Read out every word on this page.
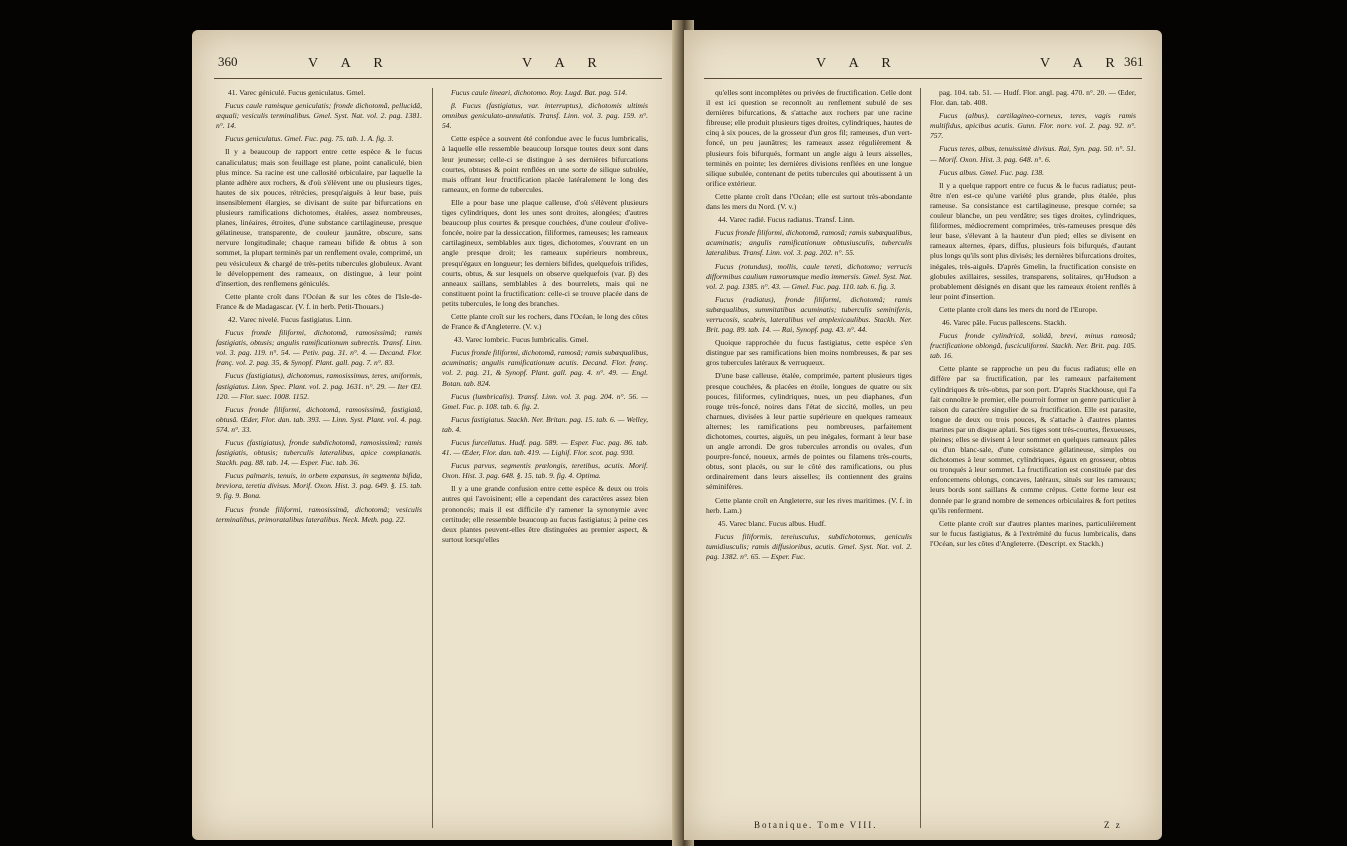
360	V A R	V A R

41. Varec géniculé. Fucus geniculatus. Gmel.

Fucus caule ramisque geniculatis; fronde dichotomâ, pellucidâ, æquali; vesiculis terminalibus. Gmel. Syst. Nat. vol. 2. pag. 1381. n°. 14.

Fucus geniculatus. Gmel. Fuc. pag. 75. tab. 1. A. fig. 3.

Il y a beaucoup de rapport entre cette espèce & le fucus canaliculatus; mais son feuillage est plane, point canaliculé, bien plus mince. Sa racine est une callosité orbiculaire, par laquelle la plante adhère aux rochers, & d'où s'élèvent une ou plusieurs tiges, hautes de six pouces, rétrécies, presqu'aiguës à leur base, puis insensiblement élargies, se divisant de suite par bifurcations en plusieurs ramifications dichotomes, étalées, assez nombreuses, planes, linéaires, étroites, d'une substance cartilagineuse, presque gélatineuse, transparente, de couleur jaunâtre, obscure, sans nervure longitudinale; chaque rameau bifide & obtus à son sommet, la plupart terminés par un renflement ovale, comprimé, un peu vésiculeux & chargé de très-petits tubercules globuleux. Avant le développement des rameaux, on distingue, à leur point d'insertion, des renflemens géniculés.

Cette plante croît dans l'Océan & sur les côtes de l'Isle-de-France & de Madagascar. (V. f. in herb. Petit-Thouars.)

42. Varec nivelé. Fucus fastigiatus. Linn.

Fucus fronde filiformi, dichotomâ, ramosissimâ; ramis fastigiatis, obtusis; angulis ramificationum subrectis. Transf. Linn. vol. 3. pag. 119. n°. 54. — Petiv. pag. 31. n°. 4. — Decand. Flor. franç. vol. 2. pag. 35, & Synopf. Plant. gall. pag. 7. n°. 83.

Fucus (fastigiatus), dichotomus, ramosissimus, teres, uniformis, fastigiatus. Linn. Spec. Plant. vol. 2. pag. 1631. n°. 29. — Iter Œl. 120. — Flor. suec. 1008. 1152.

Fucus fronde filiformi, dichotomâ, ramosissimâ, fastigiatâ, obtusâ. Œder, Flor. dan. tab. 393. — Linn. Syst. Plant. vol. 4. pag. 574. n°. 33.

Fucus (fastigiatus), fronde subdichotomâ, ramosissimâ; ramis fastigiatis, obtusis; tuberculis lateralibus, apice complanatis. Stackh. pag. 88. tab. 14. — Esper. Fuc. tab. 36.

Fucus palmaris, tenuis, in orbem expansus, in segmenta bifida, breviora, teretia divisus. Morif. Oxon. Hist. 3. pag. 649. §. 15. tab. 9. fig. 9. Bona.

Fucus fronde filiformi, ramosissimâ, dichotomâ; vesiculis terminalibus, primoratalibus lateralibus. Neck. Meth. pag. 22.

Fucus caule lineari, dichotomo. Roy. Lugd. Bat. pag. 514.

β. Fucus (fastigiatus, var. interruptus), dichotomis ultimis omnibus geniculato-annulatis. Transf. Linn. vol. 3. pag. 159. n°. 54.

Cette espèce a souvent été confondue avec le fucus lumbricalis, à laquelle elle ressemble beaucoup lorsque toutes deux sont dans leur jeunesse; celle-ci se distingue à ses dernières bifurcations courtes, obtuses & point renflées en une sorte de silique subulée, mais offrant leur fructification placée latéralement le long des rameaux, en forme de tubercules.

Elle a pour base une plaque calleuse, d'où s'élèvent plusieurs tiges cylindriques, dont les unes sont droites, alongées; d'autres beaucoup plus courtes & presque couchées, d'une couleur d'olive-foncée, noire par la dessiccation, filiformes, rameuses; les rameaux cartilagineux, semblables aux tiges, dichotomes, s'ouvrant en un angle presque droit; les rameaux supérieurs nombreux, presqu'égaux en longueur; les derniers bifides, quelquefois trifides, courts, obtus, & sur lesquels on observe quelquefois (var. β) des anneaux saillans, semblables à des bourrelets, mais qui ne constituent point la fructification: celle-ci se trouve placée dans de petits tubercules, le long des branches.

Cette plante croît sur les rochers, dans l'Océan, le long des côtes de France & d'Angleterre. (V. v.)

43. Varec lombric. Fucus lumbricalis. Gmel.

Fucus fronde filiformi, dichotomâ, ramosâ; ramis subæqualibus, acuminatis; angulis ramificationum acutis. Decand. Flor. franç. vol. 2. pag. 21, & Synopf. Plant. gall. pag. 4. n°. 49. — Engl. Botan. tab. 824.

Fucus (lumbricalis). Transf. Linn. vol. 3. pag. 204. n°. 56. — Gmel. Fuc. p. 108. tab. 6. fig. 2.

Fucus fastigiatus. Stackh. Ner. Britan. pag. 15. tab. 6. — Welley, tab. 4.

Fucus furcellatus. Hudf. pag. 589. — Esper. Fuc. pag. 86. tab. 41. — Œder, Flor. dan. tab. 419. — Lighif. Flor. scot. pag. 930.

Fucus parvus, segmentis prælongis, teretibus, acutis. Morif. Oxon. Hist. 3. pag. 648. §. 15. tab. 9. fig. 4. Optima.

Il y a une grande confusion entre cette espèce & deux ou trois autres qui l'avoisinent; elle a cependant des caractères assez bien prononcés; mais il est difficile d'y ramener la synonymie avec certitude; elle ressemble beaucoup au fucus fastigiatus; à peine ces deux plantes peuvent-elles être distinguées au premier aspect, & surtout lorsqu'elles

V A R	V A R 361

qu'elles sont incomplètes ou privées de fructification. Celle dont il est ici question se reconnoît au renflement subulé de ses dernières bifurcations, & s'attache aux rochers par une racine fibreuse; elle produit plusieurs tiges droites, cylindriques, hautes de cinq à six pouces, de la grosseur d'un gros fil; rameuses, d'un vert-foncé, un peu jaunâtres; les rameaux assez régulièrement & plusieurs fois bifurqués, formant un angle aigu à leurs aisselles, terminés en pointe; les dernières divisions renflées en une longue silique subulée, contenant de petits tubercules qui aboutissent à un orifice extérieur.

Cette plante croît dans l'Océan; elle est surtout très-abondante dans les mers du Nord. (V. v.)

44. Varec radié. Fucus radiatus. Transf. Linn.

Fucus fronde filiformi, dichotomâ, ramosâ; ramis subæqualibus, acuminatis; angulis ramificationum obtusiusculis, tuberculis lateralibus. Transf. Linn. vol. 3. pag. 202. n°. 55.

Fucus (rotundus), mollis, caule tereti, dichotomo; verrucis difformibus caulium ramorumque medio immersis. Gmel. Syst. Nat. vol. 2. pag. 1385. n°. 43. — Gmel. Fuc. pag. 110. tab. 6. fig. 3.

Fucus (radiatus), fronde filiformi, dichotomâ; ramis subæqualibus, summitatibus acuminatis; tuberculis seminiferis, verrucosis, scabris, lateralibus vel amplexicaulibus. Stackh. Ner. Brit. pag. 89. tab. 14. — Rai, Synopf. pag. 43. n°. 44.

Quoique rapprochée du fucus fastigiatus, cette espèce s'en distingue par ses ramifications bien moins nombreuses, & par ses gros tubercules latéraux & verruqueux.

D'une base calleuse, étalée, comprimée, partent plusieurs tiges presque couchées, & placées en étoile, longues de quatre ou six pouces, filiformes, cylindriques, nues, un peu diaphanes, d'un rouge très-foncé, noires dans l'état de siccité, molles, un peu charnues, divisées à leur partie supérieure en quelques rameaux alternes; les ramifications peu nombreuses, parfaitement dichotomes, courtes, aiguës, un peu inégales, formant à leur base un angle arrondi. De gros tubercules arrondis ou ovales, d'un pourpre-foncé, noueux, armés de pointes ou filamens très-courts, obtus, sont placés, ou sur le côté des ramifications, ou plus ordinairement dans leurs aisselles; ils contiennent des grains séminifères.

Cette plante croît en Angleterre, sur les rives maritimes. (V. f. in herb. Lam.)

45. Varec blanc. Fucus albus. Hudf.

Fucus filiformis, tereiusculus, subdichotomus, geniculis tumidiusculis; ramis diffusioribus, acutis. Gmel. Syst. Nat. vol. 2. pag. 1382. n°. 65. — Esper. Fuc.

Botanique. Tome VIII.

pag. 104. tab. 51. — Hudf. Flor. angl. pag. 470. n°. 20. — Œder, Flor. dan. tab. 408.

Fucus (albus), cartilagineo-corneus, teres, vagis ramis multifidus, apicibus acutis. Gunn. Flor. norv. vol. 2. pag. 92. n°. 757.

Fucus teres, albus, tenuissimè divisus. Rai, Syn. pag. 50. n°. 51. — Morif. Oxon. Hist. 3. pag. 648. n°. 6.

Fucus albus. Gmel. Fuc. pag. 138.

Il y a quelque rapport entre ce fucus & le fucus radiatus; peut-être n'en est-ce qu'une variété plus grande, plus étalée, plus rameuse. Sa consistance est cartilagineuse, presque cornée; sa couleur blanche, un peu verdâtre; ses tiges droites, cylindriques, filiformes, médiocrement comprimées, très-rameuses presque dès leur base, s'élevant à la hauteur d'un pied; elles se divisent en rameaux alternes, épars, diffus, plusieurs fois bifurqués, d'autant plus longs qu'ils sont plus divisés; les dernières bifurcations droites, inégales, très-aiguës. D'après Gmelin, la fructification consiste en globules axillaires, sessiles, transparens, solitaires, qu'Hudson a probablement désignés en disant que les rameaux étoient renflés à leur point d'insertion.

Cette plante croît dans les mers du nord de l'Europe.

46. Varec pâle. Fucus pallescens. Stackh.

Fucus fronde cylindricâ, solidâ, brevi, minus ramosâ; fructificatione oblongâ, fusciculiformi. Stackh. Ner. Brit. pag. 105. tab. 16.

Cette plante se rapproche un peu du fucus radiatus; elle en diffère par sa fructification, par les rameaux parfaitement cylindriques & très-obtus, par son port. D'après Stackhouse, qui l'a fait connoître le premier, elle pourroit former un genre particulier à raison du caractère singulier de sa fructification. Elle est parasite, longue de deux ou trois pouces, & s'attache à d'autres plantes marines par un disque aplati. Ses tiges sont très-courtes, flexueuses, pleines; elles se divisent à leur sommet en quelques rameaux pâles ou d'un blanc-sale, d'une consistance gélatineuse, simples ou dichotomes à leur sommet, cylindriques, égaux en grosseur, obtus ou tronqués à leur sommet. La fructification est constituée par des enfoncemens oblongs, concaves, latéraux, situés sur les rameaux; leurs bords sont saillans & comme crépus. Cette forme leur est donnée par le grand nombre de semences orbiculaires & fort petites qu'ils renferment.

Cette plante croît sur d'autres plantes marines, particulièrement sur le fucus fastigiatus, & à l'extrémité du fucus lumbricalis, dans l'Océan, sur les côtes d'Angleterre. (Descript. ex Stackh.)

Z z
